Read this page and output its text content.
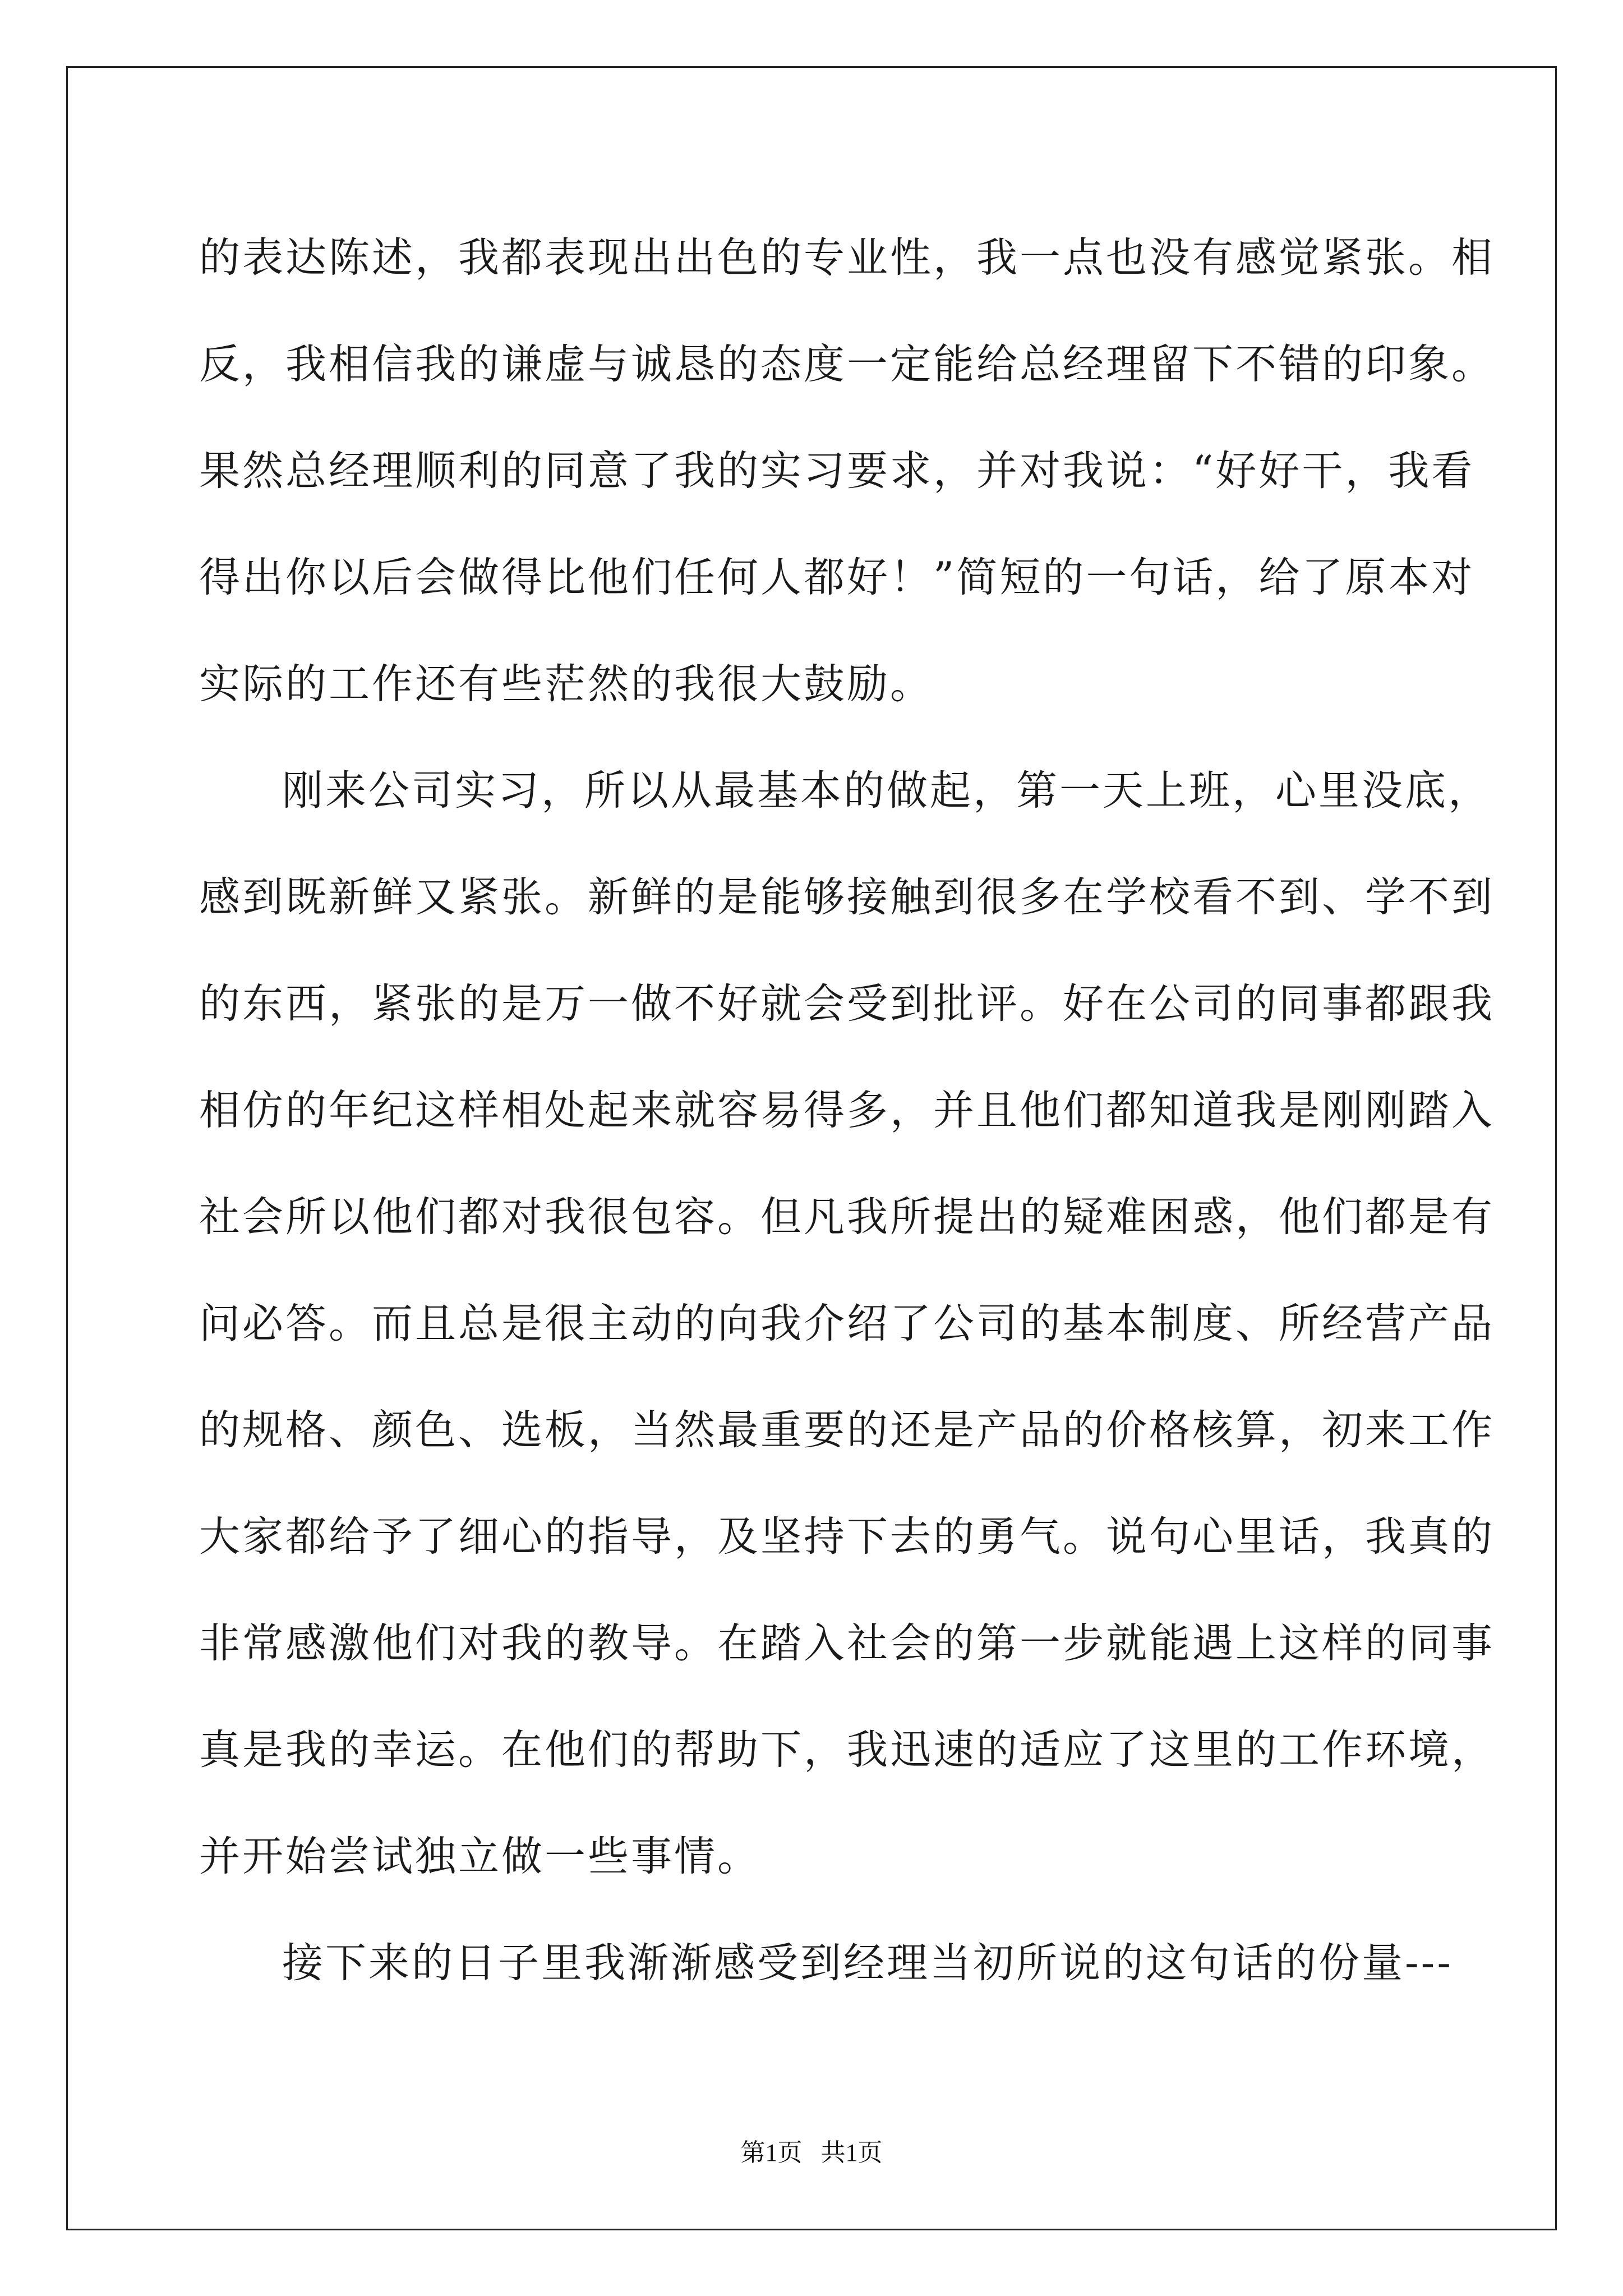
的表达陈述，我都表现出出色的专业性，我一点也没有感觉紧张。相
反，我相信我的谦虚与诚恳的态度一定能给总经理留下不错的印象。
果然总经理顺利的同意了我的实习要求，并对我说：“好好干，我看
得出你以后会做得比他们任何人都好！”简短的一句话，给了原本对
实际的工作还有些茫然的我很大鼓励。
刚来公司实习，所以从最基本的做起，第一天上班，心里没底，
感到既新鲜又紧张。新鲜的是能够接触到很多在学校看不到、学不到
的东西，紧张的是万一做不好就会受到批评。好在公司的同事都跟我
相仿的年纪这样相处起来就容易得多，并且他们都知道我是刚刚踏入
社会所以他们都对我很包容。但凡我所提出的疑难困惑，他们都是有
问必答。而且总是很主动的向我介绍了公司的基本制度、所经营产品
的规格、颜色、选板，当然最重要的还是产品的价格核算，初来工作
大家都给予了细心的指导，及坚持下去的勇气。说句心里话，我真的
非常感激他们对我的教导。在踏入社会的第一步就能遇上这样的同事
真是我的幸运。在他们的帮助下，我迅速的适应了这里的工作环境，
并开始尝试独立做一些事情。
接下来的日子里我渐渐感受到经理当初所说的这句话的份量---
第1页   共1页
